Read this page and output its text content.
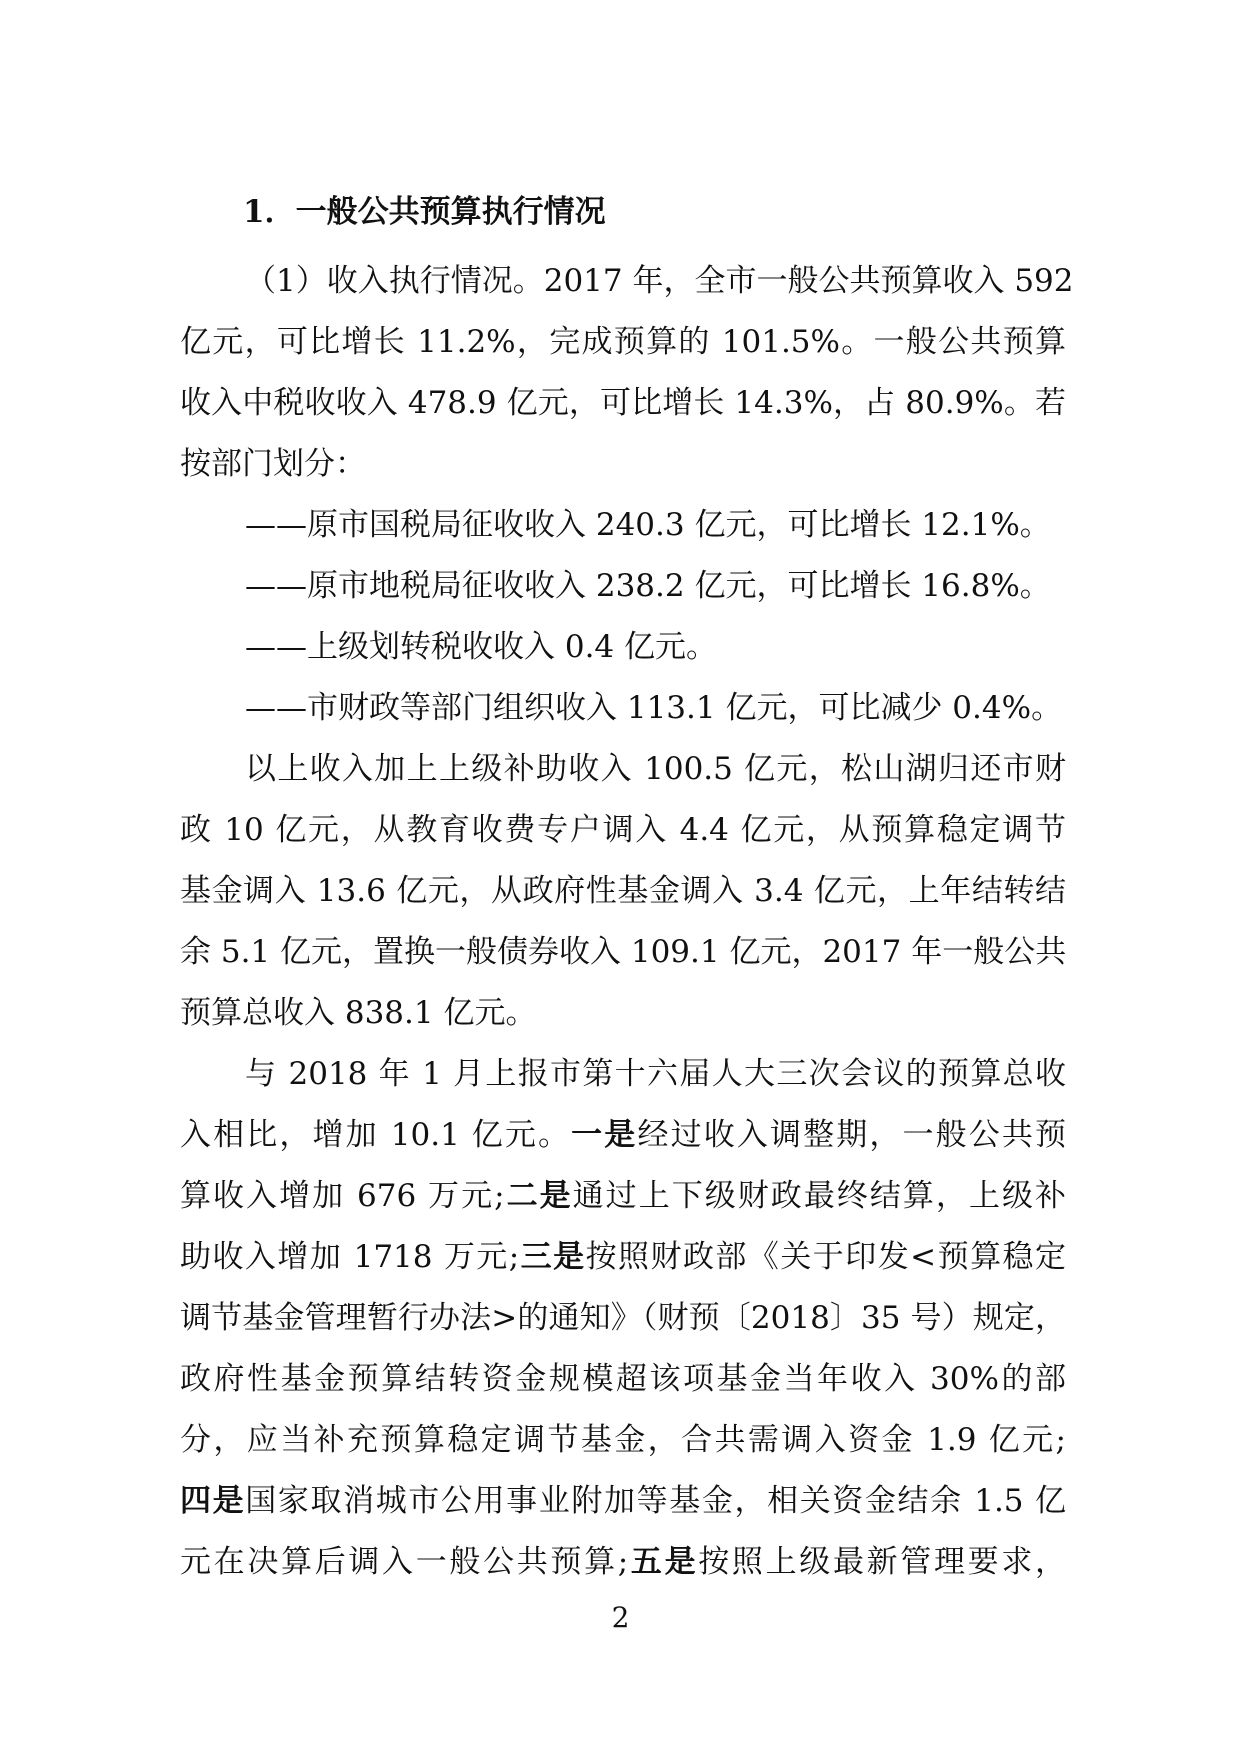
1．一般公共预算执行情况
（1）收入执行情况。2017 年，全市一般公共预算收入 592
亿元，可比增长 11.2%，完成预算的 101.5%。一般公共预算
收入中税收收入 478.9 亿元，可比增长 14.3%，占 80.9%。若
按部门划分：
——原市国税局征收收入 240.3 亿元，可比增长 12.1%。
——原市地税局征收收入 238.2 亿元，可比增长 16.8%。
——上级划转税收收入 0.4 亿元。
——市财政等部门组织收入 113.1 亿元，可比减少 0.4%。
以上收入加上上级补助收入 100.5 亿元，松山湖归还市财
政 10 亿元，从教育收费专户调入 4.4 亿元，从预算稳定调节
基金调入 13.6 亿元，从政府性基金调入 3.4 亿元，上年结转结
余 5.1 亿元，置换一般债券收入 109.1 亿元，2017 年一般公共
预算总收入 838.1 亿元。
与 2018 年 1 月上报市第十六届人大三次会议的预算总收
入相比，增加 10.1 亿元。一是经过收入调整期，一般公共预
算收入增加 676 万元;二是通过上下级财政最终结算，上级补
助收入增加 1718 万元;三是按照财政部《关于印发<预算稳定
调节基金管理暂行办法>的通知》（财预〔2018〕35 号）规定，
政府性基金预算结转资金规模超该项基金当年收入 30%的部
分，应当补充预算稳定调节基金，合共需调入资金 1.9 亿元;
四是国家取消城市公用事业附加等基金，相关资金结余 1.5 亿
元在决算后调入一般公共预算;五是按照上级最新管理要求，
2
